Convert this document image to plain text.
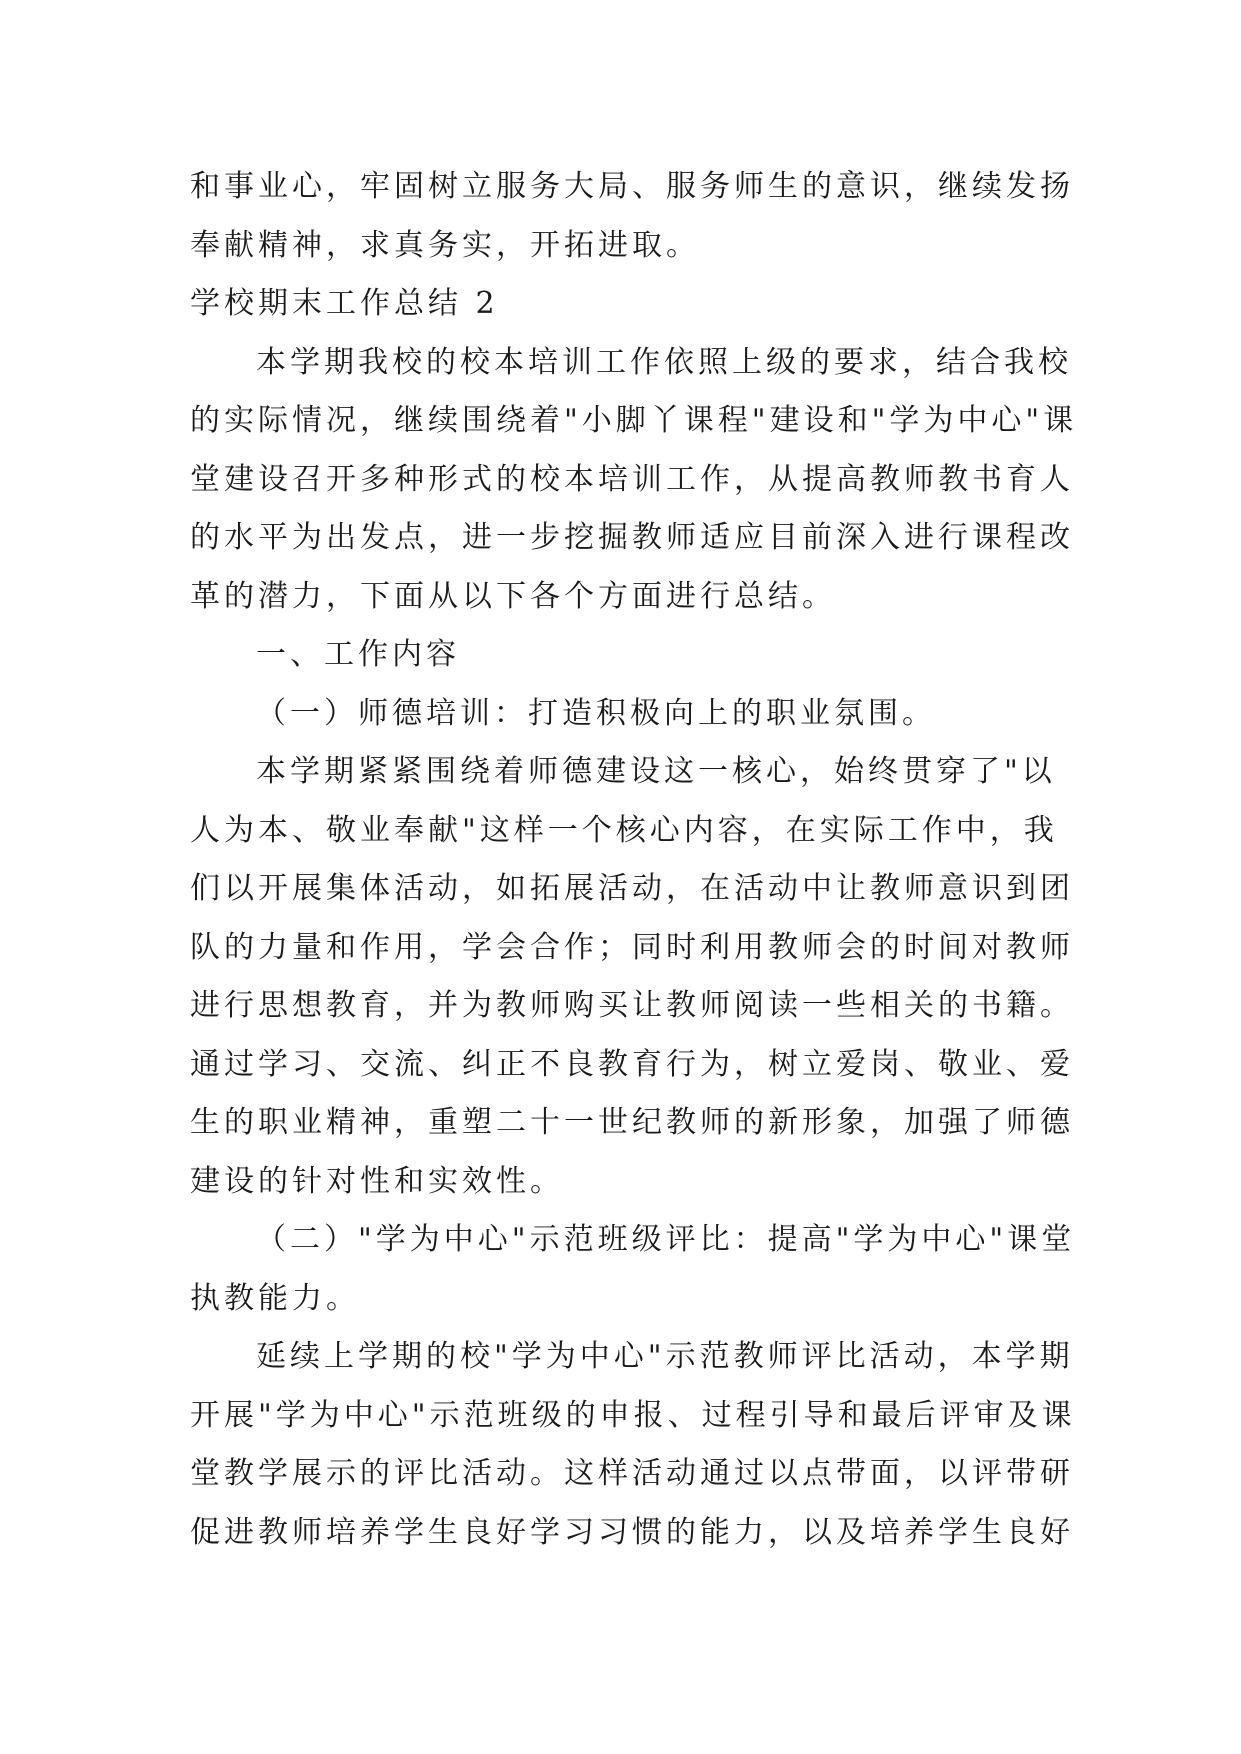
和事业心，牢固树立服务大局、服务师生的意识，继续发扬
奉献精神，求真务实，开拓进取。
学校期末工作总结 2
本学期我校的校本培训工作依照上级的要求，结合我校
的实际情况，继续围绕着"小脚丫课程"建设和"学为中心"课
堂建设召开多种形式的校本培训工作，从提高教师教书育人
的水平为出发点，进一步挖掘教师适应目前深入进行课程改
革的潜力，下面从以下各个方面进行总结。
一、工作内容
（一）师德培训：打造积极向上的职业氛围。
本学期紧紧围绕着师德建设这一核心，始终贯穿了"以
人为本、敬业奉献"这样一个核心内容，在实际工作中，我
们以开展集体活动，如拓展活动，在活动中让教师意识到团
队的力量和作用，学会合作；同时利用教师会的时间对教师
进行思想教育，并为教师购买让教师阅读一些相关的书籍。
通过学习、交流、纠正不良教育行为，树立爱岗、敬业、爱
生的职业精神，重塑二十一世纪教师的新形象，加强了师德
建设的针对性和实效性。
（二）"学为中心"示范班级评比：提高"学为中心"课堂
执教能力。
延续上学期的校"学为中心"示范教师评比活动，本学期
开展"学为中心"示范班级的申报、过程引导和最后评审及课
堂教学展示的评比活动。这样活动通过以点带面，以评带研
促进教师培养学生良好学习习惯的能力，以及培养学生良好
